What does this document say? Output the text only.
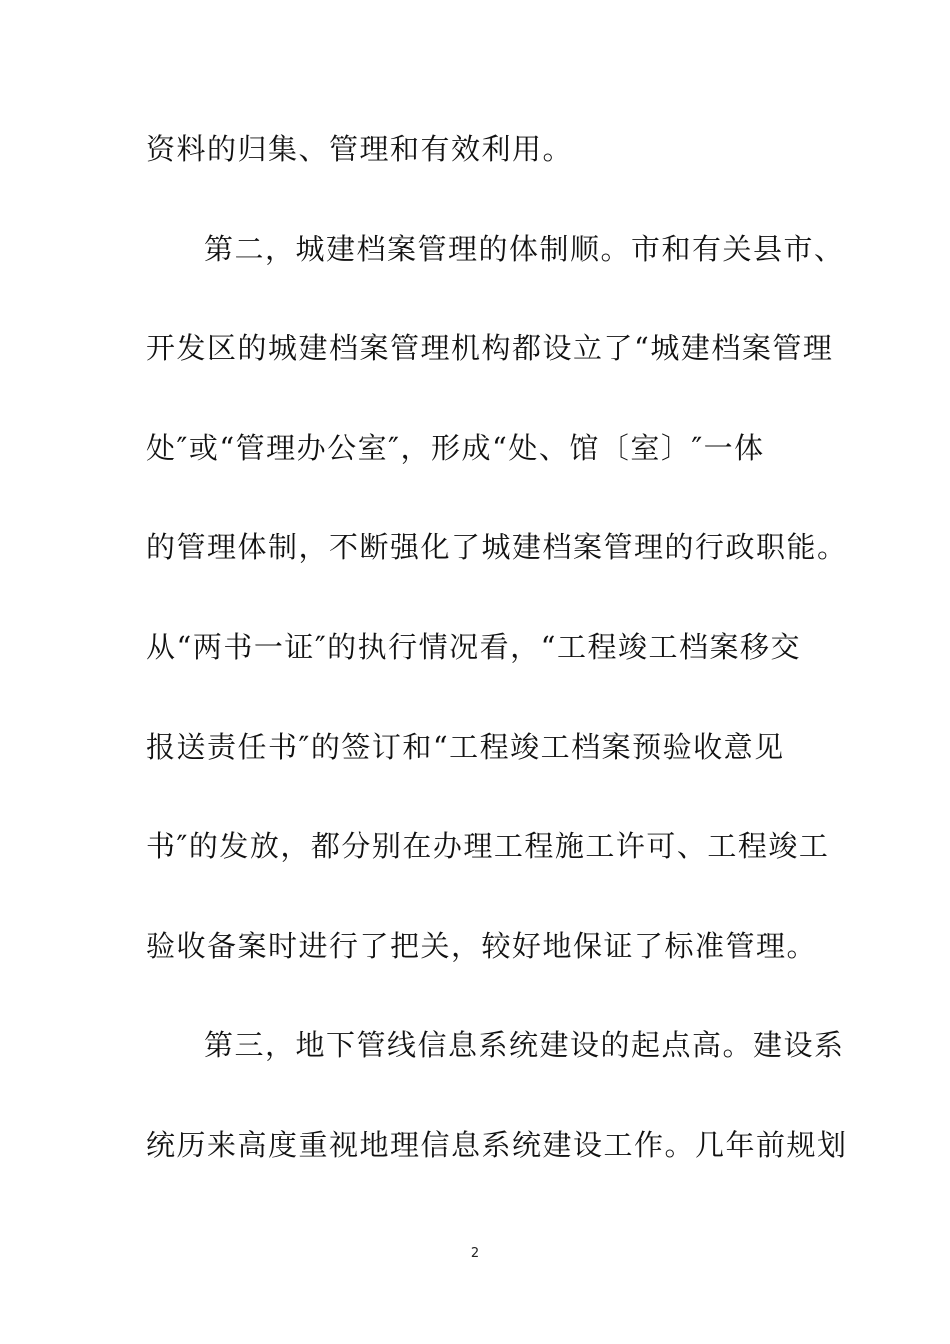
资料的归集、管理和有效利用。
第二，城建档案管理的体制顺。市和有关县市、
开发区的城建档案管理机构都设立了“城建档案管理
处″或“管理办公室″，形成“处、馆〔室〕″一体
的管理体制，不断强化了城建档案管理的行政职能。
从“两书一证″的执行情况看，“工程竣工档案移交
报送责任书″的签订和“工程竣工档案预验收意见
书″的发放，都分别在办理工程施工许可、工程竣工
验收备案时进行了把关，较好地保证了标准管理。
第三，地下管线信息系统建设的起点高。建设系
统历来高度重视地理信息系统建设工作。几年前规划
2
